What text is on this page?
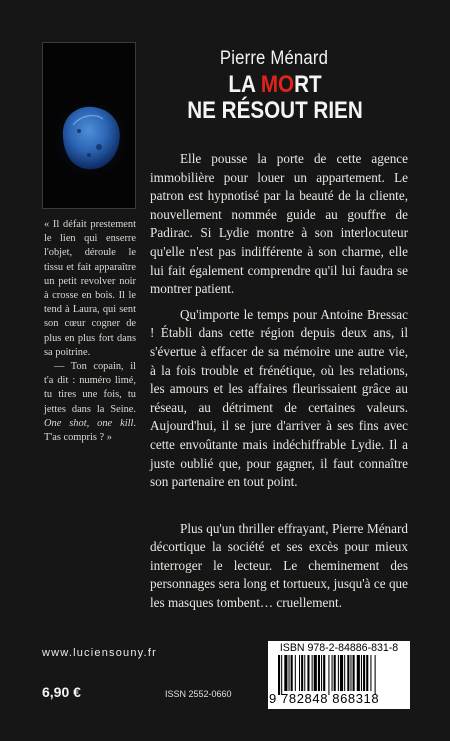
Pierre Ménard
LA MORT
NE RÉSOUT RIEN

« Il défait prestement le lien qui enserre l'objet, déroule le tissu et fait apparaître un petit revolver noir à crosse en bois. Il le tend à Laura, qui sent son cœur cogner de plus en plus fort dans sa poitrine.

— Ton copain, il t'a dit : numéro limé, tu tires une fois, tu jettes dans la Seine. One shot, one kill. T'as compris ? »

Elle pousse la porte de cette agence immobilière pour louer un appartement. Le patron est hypnotisé par la beauté de la cliente, nouvellement nommée guide au gouffre de Padirac. Si Lydie montre à son interlocuteur qu'elle n'est pas indifférente à son charme, elle lui fait également comprendre qu'il lui faudra se montrer patient.

Qu'importe le temps pour Antoine Bressac ! Établi dans cette région depuis deux ans, il s'évertue à effacer de sa mémoire une autre vie, à la fois trouble et frénétique, où les relations, les amours et les affaires fleurissaient grâce au réseau, au détriment de certaines valeurs. Aujourd'hui, il se jure d'arriver à ses fins avec cette envoûtante mais indéchiffrable Lydie. Il a juste oublié que, pour gagner, il faut connaître son partenaire en tout point.

Plus qu'un thriller effrayant, Pierre Ménard décortique la société et ses excès pour mieux interroger le lecteur. Le cheminement des personnages sera long et tortueux, jusqu'à ce que les masques tombent… cruellement.

www.luciensouny.fr
6,90 €	ISSN 2552-0660
ISBN 978-2-84886-831-8
9 782848 868318
